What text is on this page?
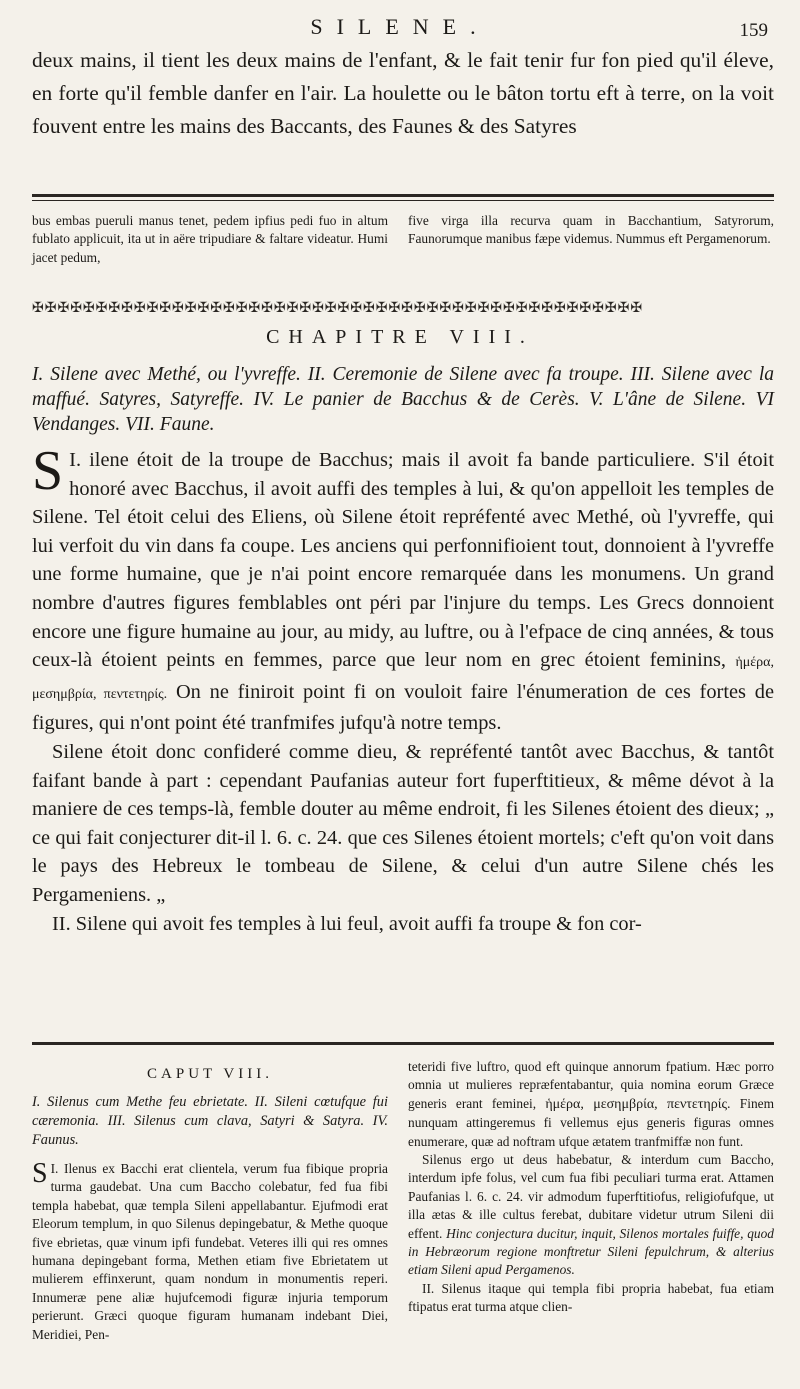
SILENE.	159
deux mains, il tient les deux mains de l'enfant, & le fait tenir fur fon pied qu'il éleve, en forte qu'il femble danfer en l'air. La houlette ou le bâton tortu eft à terre, on la voit fouvent entre les mains des Baccants, des Faunes & des Satyres
bus embas pueruli manus tenet, pedem ipfius pedi fuo in altum fublato applicuit, ita ut in aëre tripudiare & faltare videatur. Humi jacet pedum,
five virga illa recurva quam in Bacchantium, Satyrorum, Faunorumque manibus fæpe videmus. Nummus eft Pergamenorum.
✠✠✠✠✠✠✠✠✠✠✠✠✠✠✠✠✠✠✠✠✠✠✠✠✠✠✠✠✠✠✠✠✠✠✠✠✠✠✠✠✠✠✠✠✠✠✠✠
CHAPITRE VIII.
I. Silene avec Methé, ou l'yvreffe. II. Ceremonie de Silene avec fa troupe. III. Silene avec la maffué. Satyres, Satyreffe. IV. Le panier de Bacchus & de Cerès. V. L'âne de Silene. VI Vendanges. VII. Faune.

I.
S ilene étoit de la troupe de Bacchus; mais il avoit fa bande particuliere. S'il étoit honoré avec Bacchus, il avoit auffi des temples à lui, & qu'on appelloit les temples de Silene. Tel étoit celui des Eliens, où Silene étoit repréfenté avec Methé, où l'yvreffe, qui lui verfoit du vin dans fa coupe. Les anciens qui perfonnifioient tout, donnoient à l'yvreffe une forme humaine, que je n'ai point encore remarquée dans les monumens. Un grand nombre d'autres figures femblables ont péri par l'injure du temps. Les Grecs donnoient encore une figure humaine au jour, au midy, au luftre, ou à l'efpace de cinq années, & tous ceux-là étoient peints en femmes, parce que leur nom en grec étoient feminins, ἡμέρα, μεσημβρία, πεντετηρίς. On ne finiroit point fi on vouloit faire l'énumeration de ces fortes de figures, qui n'ont point été tranfmifes jufqu'à notre temps.

Silene étoit donc confideré comme dieu, & repréfenté tantôt avec Bacchus, & tantôt faifant bande à part : cependant Paufanias auteur fort fuperftitieux, & même dévot à la maniere de ces temps-là, femble douter au même endroit, fi les Silenes étoient des dieux; „ ce qui fait conjecturer dit-il l. 6. c. 24. que ces Silenes étoient mortels; c'eft qu'on voit dans le pays des Hebreux le tombeau de Silene, & celui d'un autre Silene chés les Pergameniens. „

II. Silene qui avoit fes temples à lui feul, avoit auffi fa troupe & fon cor-

CAPUT VIII.
I. Silenus cum Methe feu ebrietate. II. Sileni cœtufque fui cæremonia. III. Silenus cum clava, Satyri & Satyra. IV. Faunus.

I.
S Ilenus ex Bacchi erat clientela, verum fua fibique propria turma gaudebat. Una cum Baccho colebatur, fed fua fibi templa habebat, quæ templa Sileni appellabantur. Ejufmodi erat Eleorum templum, in quo Silenus depingebatur, & Methe quoque five ebrietas, quæ vinum ipfi fundebat. Veteres illi qui res omnes humana depingebant forma, Methen etiam five Ebrietatem ut mulierem effinxerunt, quam nondum in monumentis reperi. Innumeræ pene aliæ hujufcemodi figuræ injuria temporum perierunt. Græci quoque figuram humanam indebant Diei, Meridiei, Pen-

teteridi five luftro, quod eft quinque annorum fpatium. Hæc porro omnia ut mulieres repræfentabantur, quia nomina eorum Græce generis erant feminei, ἡμέρα, μεσημβρία, πεντετηρίς. Finem nunquam attingeremus fi vellemus ejus generis figuras omnes enumerare, quæ ad noftram ufque ætatem tranfmiffæ non funt.

Silenus ergo ut deus habebatur, & interdum cum Baccho, interdum ipfe folus, vel cum fua fibi peculiari turma erat. Attamen Paufanias l. 6. c. 24. vir admodum fuperftitiofus, religiofufque, ut illa ætas & ille cultus ferebat, dubitare videtur utrum Sileni dii effent. Hinc conjectura ducitur, inquit, Silenos mortales fuiffe, quod in Hebræorum regione monftretur Sileni fepulchrum, & alterius etiam Sileni apud Pergamenos.

II. Silenus itaque qui templa fibi propria habebat, fua etiam ftipatus erat turma atque clien-
